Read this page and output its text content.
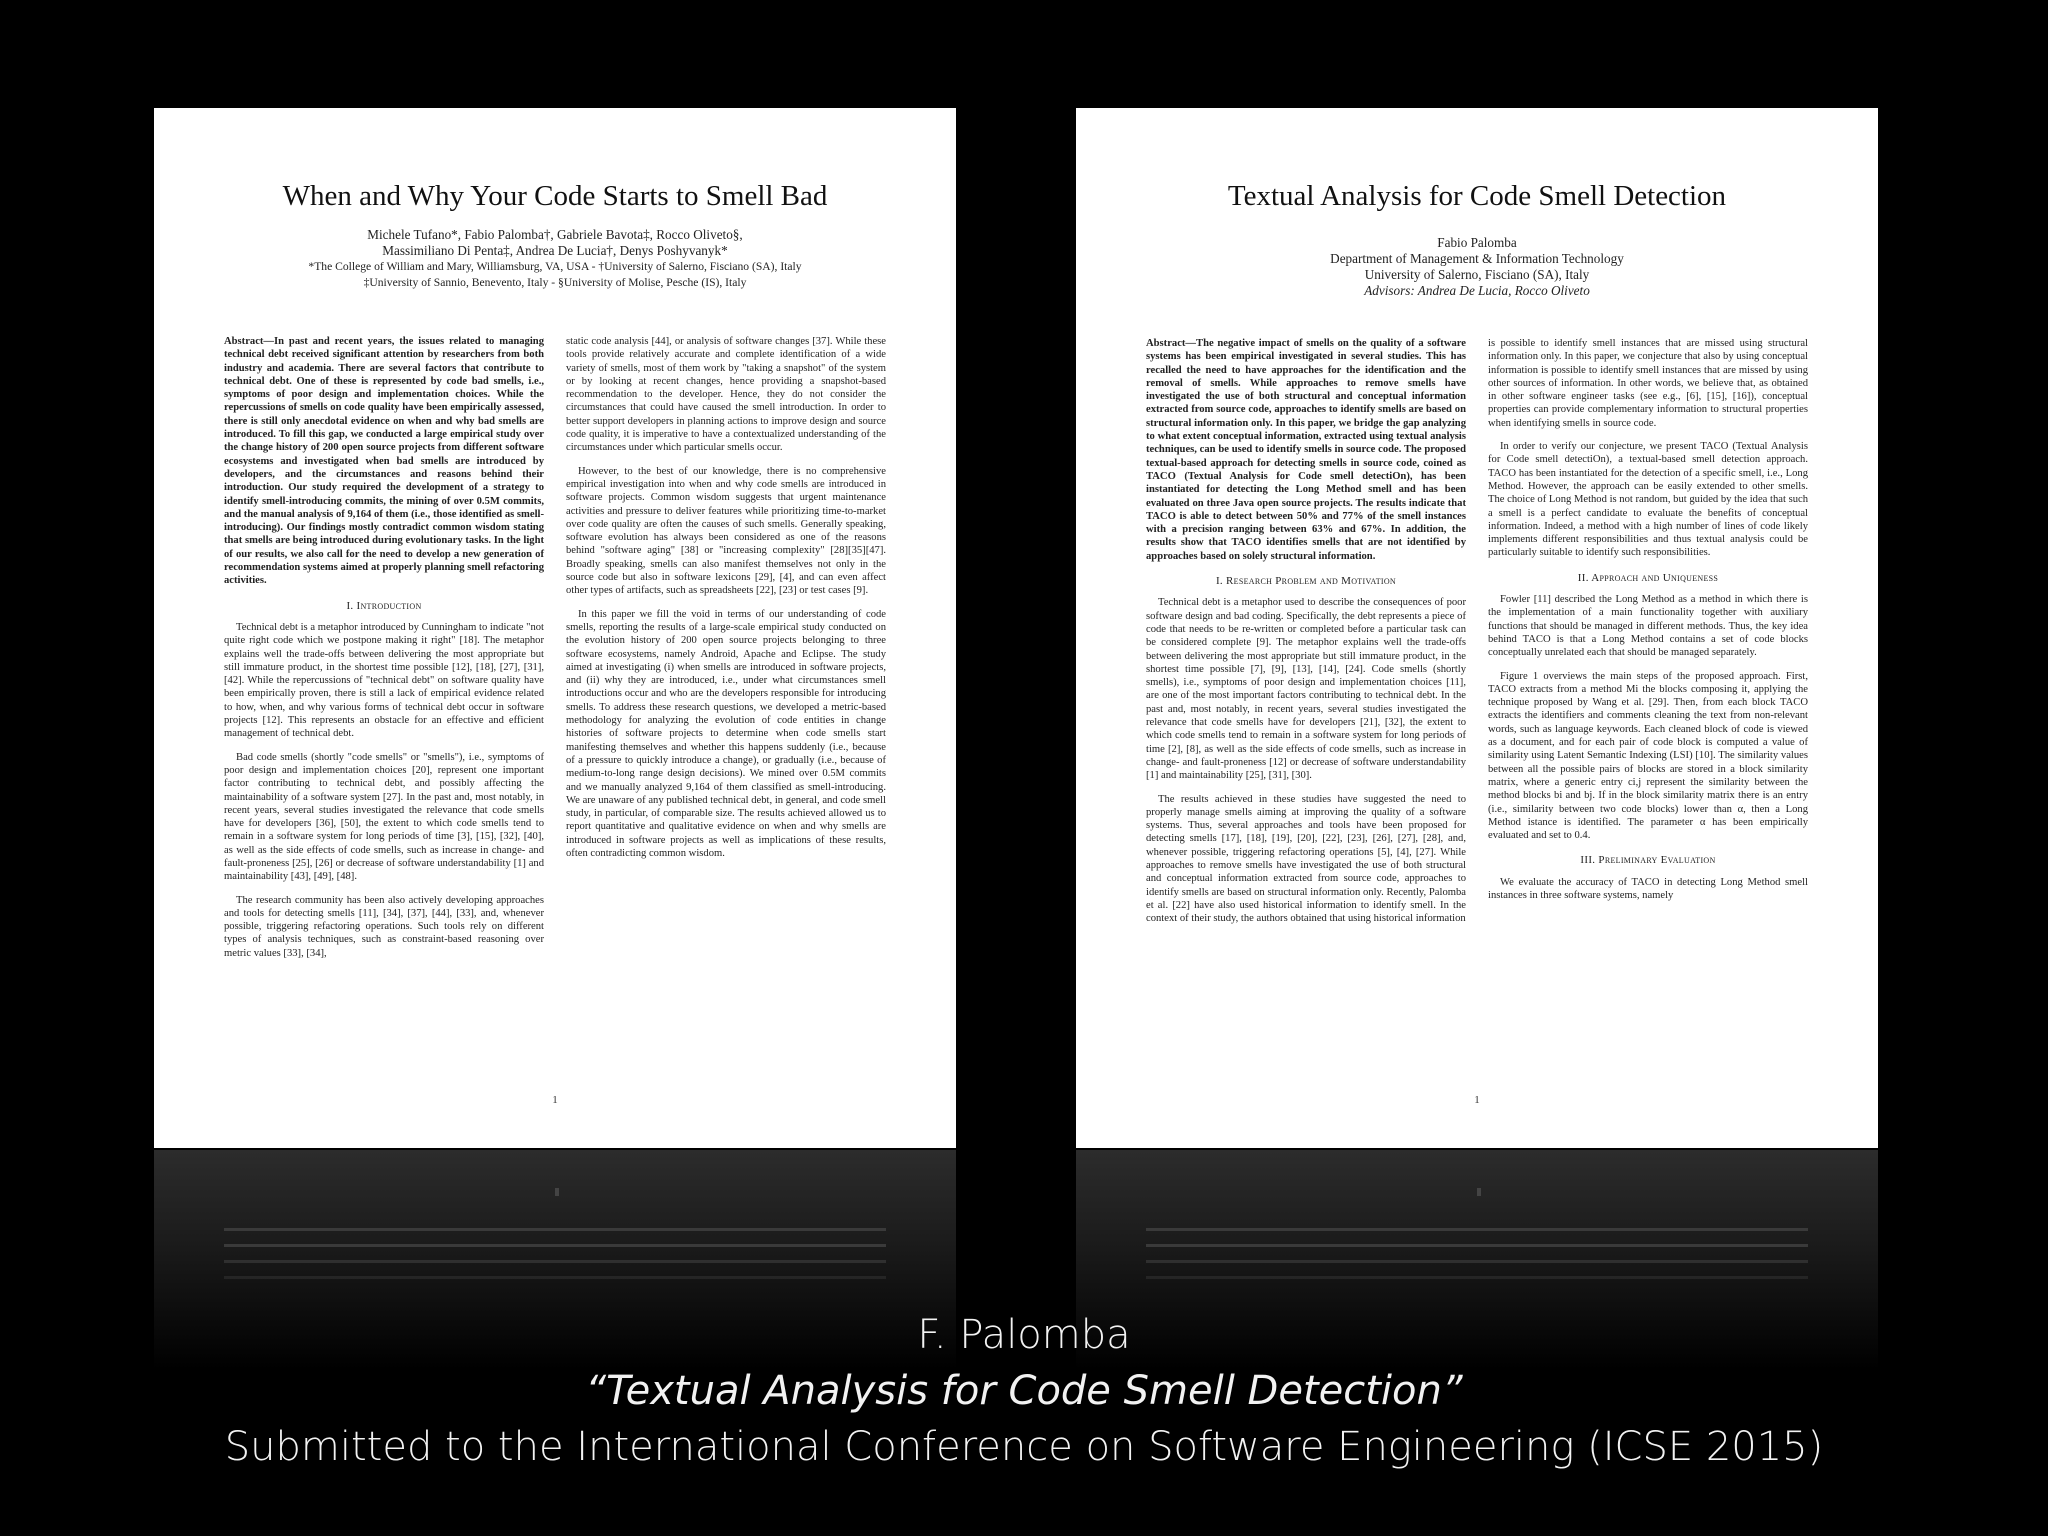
When and Why Your Code Starts to Smell Bad
Michele Tufano*, Fabio Palomba†, Gabriele Bavota‡, Rocco Oliveto§,
Massimiliano Di Penta‡, Andrea De Lucia†, Denys Poshyvanyk*
*The College of William and Mary, Williamsburg, VA, USA - †University of Salerno, Fisciano (SA), Italy
‡University of Sannio, Benevento, Italy - §University of Molise, Pesche (IS), Italy

Abstract—In past and recent years, the issues related to managing technical debt received significant attention by researchers from both industry and academia. There are several factors that contribute to technical debt. One of these is represented by code bad smells, i.e., symptoms of poor design and implementation choices. While the repercussions of smells on code quality have been empirically assessed, there is still only anecdotal evidence on when and why bad smells are introduced. To fill this gap, we conducted a large empirical study over the change history of 200 open source projects from different software ecosystems and investigated when bad smells are introduced by developers, and the circumstances and reasons behind their introduction. Our study required the development of a strategy to identify smell-introducing commits, the mining of over 0.5M commits, and the manual analysis of 9,164 of them (i.e., those identified as smell-introducing). Our findings mostly contradict common wisdom stating that smells are being introduced during evolutionary tasks. In the light of our results, we also call for the need to develop a new generation of recommendation systems aimed at properly planning smell refactoring activities.

I. Introduction

Technical debt is a metaphor introduced by Cunningham to indicate "not quite right code which we postpone making it right" [18]. The metaphor explains well the trade-offs between delivering the most appropriate but still immature product, in the shortest time possible [12], [18], [27], [31], [42]. While the repercussions of "technical debt" on software quality have been empirically proven, there is still a lack of empirical evidence related to how, when, and why various forms of technical debt occur in software projects [12]. This represents an obstacle for an effective and efficient management of technical debt.

Bad code smells (shortly "code smells" or "smells"), i.e., symptoms of poor design and implementation choices [20], represent one important factor contributing to technical debt, and possibly affecting the maintainability of a software system [27]. In the past and, most notably, in recent years, several studies investigated the relevance that code smells have for developers [36], [50], the extent to which code smells tend to remain in a software system for long periods of time [3], [15], [32], [40], as well as the side effects of code smells, such as increase in change- and fault-proneness [25], [26] or decrease of software understandability [1] and maintainability [43], [49], [48].

The research community has been also actively developing approaches and tools for detecting smells [11], [34], [37], [44], [33], and, whenever possible, triggering refactoring operations. Such tools rely on different types of analysis techniques, such as constraint-based reasoning over metric values [33], [34],

static code analysis [44], or analysis of software changes [37]. While these tools provide relatively accurate and complete identification of a wide variety of smells, most of them work by "taking a snapshot" of the system or by looking at recent changes, hence providing a snapshot-based recommendation to the developer. Hence, they do not consider the circumstances that could have caused the smell introduction. In order to better support developers in planning actions to improve design and source code quality, it is imperative to have a contextualized understanding of the circumstances under which particular smells occur.

However, to the best of our knowledge, there is no comprehensive empirical investigation into when and why code smells are introduced in software projects. Common wisdom suggests that urgent maintenance activities and pressure to deliver features while prioritizing time-to-market over code quality are often the causes of such smells. Generally speaking, software evolution has always been considered as one of the reasons behind "software aging" [38] or "increasing complexity" [28][35][47]. Broadly speaking, smells can also manifest themselves not only in the source code but also in software lexicons [29], [4], and can even affect other types of artifacts, such as spreadsheets [22], [23] or test cases [9].

In this paper we fill the void in terms of our understanding of code smells, reporting the results of a large-scale empirical study conducted on the evolution history of 200 open source projects belonging to three software ecosystems, namely Android, Apache and Eclipse. The study aimed at investigating (i) when smells are introduced in software projects, and (ii) why they are introduced, i.e., under what circumstances smell introductions occur and who are the developers responsible for introducing smells. To address these research questions, we developed a metric-based methodology for analyzing the evolution of code entities in change histories of software projects to determine when code smells start manifesting themselves and whether this happens suddenly (i.e., because of a pressure to quickly introduce a change), or gradually (i.e., because of medium-to-long range design decisions). We mined over 0.5M commits and we manually analyzed 9,164 of them classified as smell-introducing. We are unaware of any published technical debt, in general, and code smell study, in particular, of comparable size. The results achieved allowed us to report quantitative and qualitative evidence on when and why smells are introduced in software projects as well as implications of these results, often contradicting common wisdom.

1
Textual Analysis for Code Smell Detection
Fabio Palomba
Department of Management & Information Technology
University of Salerno, Fisciano (SA), Italy
Advisors: Andrea De Lucia, Rocco Oliveto

Abstract—The negative impact of smells on the quality of a software systems has been empirical investigated in several studies. This has recalled the need to have approaches for the identification and the removal of smells. While approaches to remove smells have investigated the use of both structural and conceptual information extracted from source code, approaches to identify smells are based on structural information only. In this paper, we bridge the gap analyzing to what extent conceptual information, extracted using textual analysis techniques, can be used to identify smells in source code. The proposed textual-based approach for detecting smells in source code, coined as TACO (Textual Analysis for Code smell detectiOn), has been instantiated for detecting the Long Method smell and has been evaluated on three Java open source projects. The results indicate that TACO is able to detect between 50% and 77% of the smell instances with a precision ranging between 63% and 67%. In addition, the results show that TACO identifies smells that are not identified by approaches based on solely structural information.

I. Research Problem and Motivation

Technical debt is a metaphor used to describe the consequences of poor software design and bad coding. Specifically, the debt represents a piece of code that needs to be re-written or completed before a particular task can be considered complete [9]. The metaphor explains well the trade-offs between delivering the most appropriate but still immature product, in the shortest time possible [7], [9], [13], [14], [24]. Code smells (shortly smells), i.e., symptoms of poor design and implementation choices [11], are one of the most important factors contributing to technical debt. In the past and, most notably, in recent years, several studies investigated the relevance that code smells have for developers [21], [32], the extent to which code smells tend to remain in a software system for long periods of time [2], [8], as well as the side effects of code smells, such as increase in change- and fault-proneness [12] or decrease of software understandability [1] and maintainability [25], [31], [30].

The results achieved in these studies have suggested the need to properly manage smells aiming at improving the quality of a software systems. Thus, several approaches and tools have been proposed for detecting smells [17], [18], [19], [20], [22], [23], [26], [27], [28], and, whenever possible, triggering refactoring operations [5], [4], [27]. While approaches to remove smells have investigated the use of both structural and conceptual information extracted from source code, approaches to identify smells are based on structural information only. Recently, Palomba et al. [22] have also used historical information to identify smell. In the context of their study, the authors obtained that using historical information

is possible to identify smell instances that are missed using structural information only. In this paper, we conjecture that also by using conceptual information is possible to identify smell instances that are missed by using other sources of information. In other words, we believe that, as obtained in other software engineer tasks (see e.g., [6], [15], [16]), conceptual properties can provide complementary information to structural properties when identifying smells in source code.

In order to verify our conjecture, we present TACO (Textual Analysis for Code smell detectiOn), a textual-based smell detection approach. TACO has been instantiated for the detection of a specific smell, i.e., Long Method. However, the approach can be easily extended to other smells. The choice of Long Method is not random, but guided by the idea that such a smell is a perfect candidate to evaluate the benefits of conceptual information. Indeed, a method with a high number of lines of code likely implements different responsibilities and thus textual analysis could be particularly suitable to identify such responsibilities.

II. Approach and Uniqueness

Fowler [11] described the Long Method as a method in which there is the implementation of a main functionality together with auxiliary functions that should be managed in different methods. Thus, the key idea behind TACO is that a Long Method contains a set of code blocks conceptually unrelated each that should be managed separately.

Figure 1 overviews the main steps of the proposed approach. First, TACO extracts from a method Mi the blocks composing it, applying the technique proposed by Wang et al. [29]. Then, from each block TACO extracts the identifiers and comments cleaning the text from non-relevant words, such as language keywords. Each cleaned block of code is viewed as a document, and for each pair of code block is computed a value of similarity using Latent Semantic Indexing (LSI) [10]. The similarity values between all the possible pairs of blocks are stored in a block similarity matrix, where a generic entry ci,j represent the similarity between the method blocks bi and bj. If in the block similarity matrix there is an entry (i.e., similarity between two code blocks) lower than α, then a Long Method istance is identified. The parameter α has been empirically evaluated and set to 0.4.

III. Preliminary Evaluation

We evaluate the accuracy of TACO in detecting Long Method smell instances in three software systems, namely

1
F. Palomba
“Textual Analysis for Code Smell Detection”
Submitted to the International Conference on Software Engineering (ICSE 2015)
